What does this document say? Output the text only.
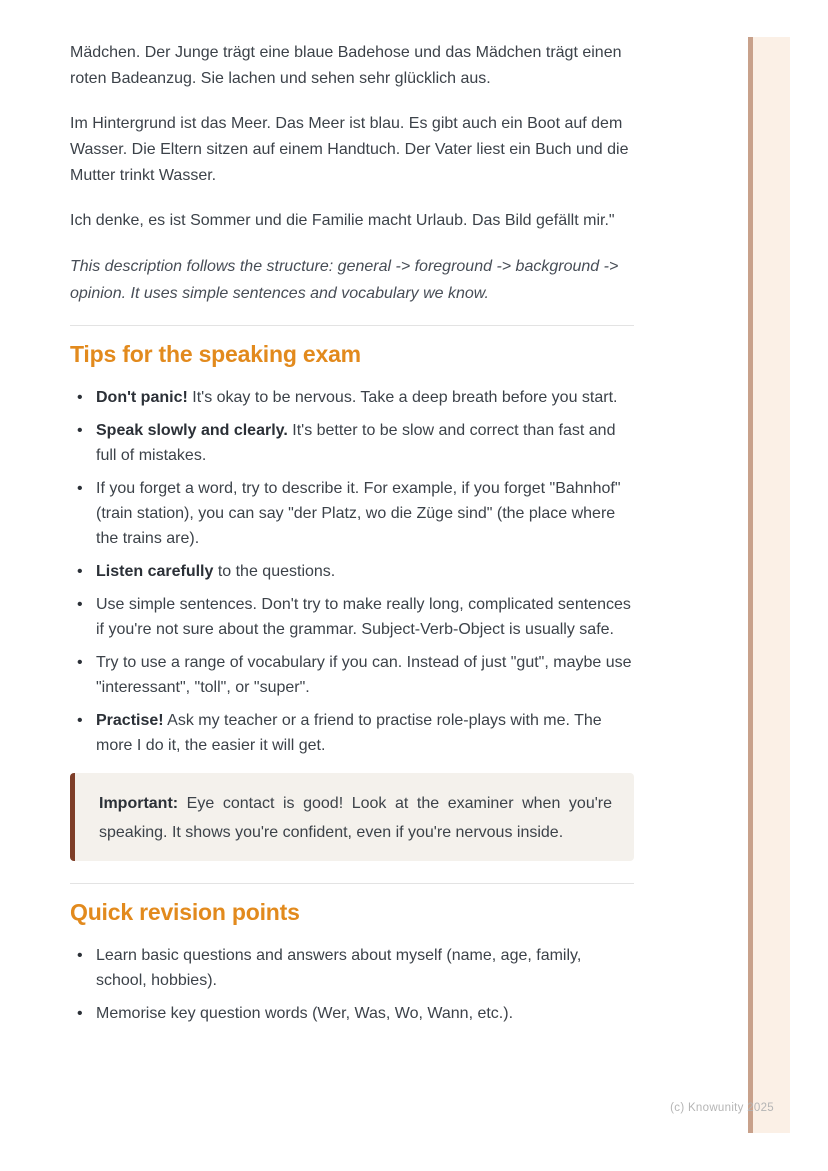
Mädchen. Der Junge trägt eine blaue Badehose und das Mädchen trägt einen roten Badeanzug. Sie lachen und sehen sehr glücklich aus.

Im Hintergrund ist das Meer. Das Meer ist blau. Es gibt auch ein Boot auf dem Wasser. Die Eltern sitzen auf einem Handtuch. Der Vater liest ein Buch und die Mutter trinkt Wasser.

Ich denke, es ist Sommer und die Familie macht Urlaub. Das Bild gefällt mir."

This description follows the structure: general -> foreground -> background -> opinion. It uses simple sentences and vocabulary we know.

Tips for the speaking exam
• Don't panic! It's okay to be nervous. Take a deep breath before you start.
• Speak slowly and clearly. It's better to be slow and correct than fast and full of mistakes.
• If you forget a word, try to describe it. For example, if you forget "Bahnhof" (train station), you can say "der Platz, wo die Züge sind" (the place where the trains are).
• Listen carefully to the questions.
• Use simple sentences. Don't try to make really long, complicated sentences if you're not sure about the grammar. Subject-Verb-Object is usually safe.
• Try to use a range of vocabulary if you can. Instead of just "gut", maybe use "interessant", "toll", or "super".
• Practise! Ask my teacher or a friend to practise role-plays with me. The more I do it, the easier it will get.

Important: Eye contact is good! Look at the examiner when you're speaking. It shows you're confident, even if you're nervous inside.

Quick revision points
• Learn basic questions and answers about myself (name, age, family, school, hobbies).
• Memorise key question words (Wer, Was, Wo, Wann, etc.).
(c) Knowunity 2025
